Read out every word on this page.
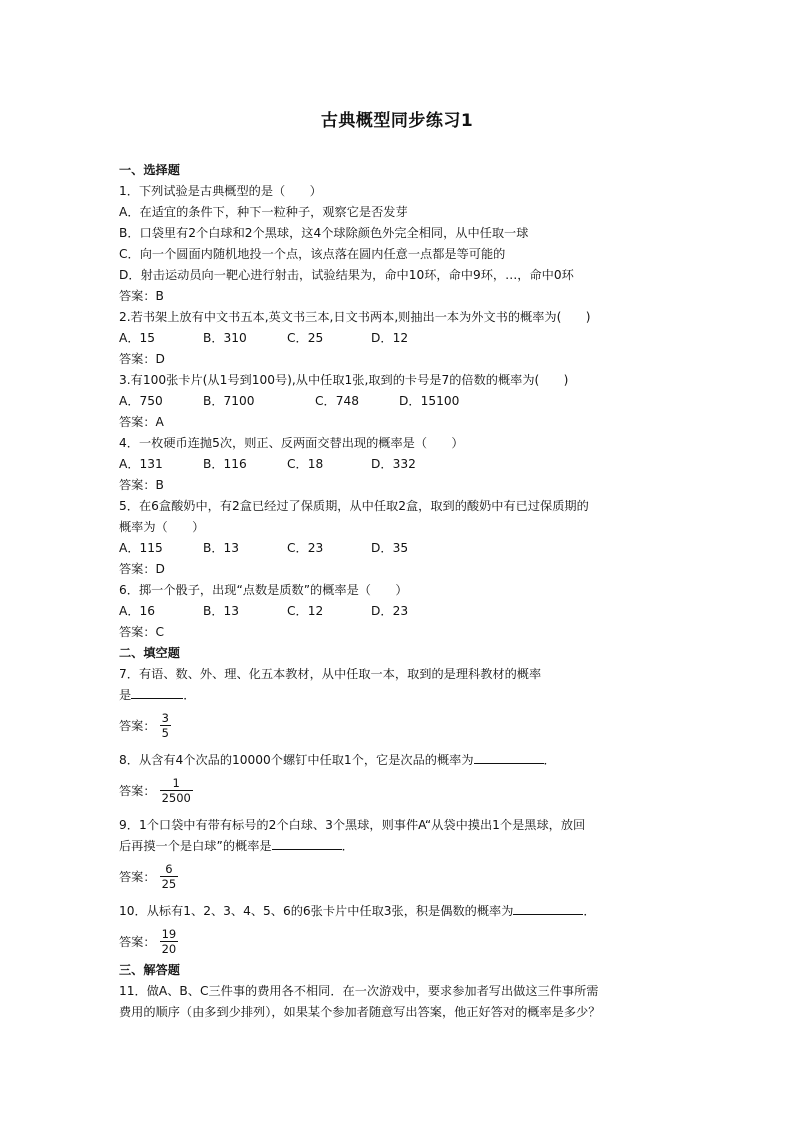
古典概型同步练习1
一、选择题
1．下列试验是古典概型的是（　　）
A．在适宜的条件下，种下一粒种子，观察它是否发芽
B．口袋里有2个白球和2个黑球，这4个球除颜色外完全相同，从中任取一球
C．向一个圆面内随机地投一个点，该点落在圆内任意一点都是等可能的
D．射击运动员向一靶心进行射击，试验结果为，命中10环，命中9环，…，命中0环
答案：B
2.若书架上放有中文书五本,英文书三本,日文书两本,则抽出一本为外文书的概率为(　　)
A．15	B．310	C．25	D．12
答案：D
3.有100张卡片(从1号到100号),从中任取1张,取到的卡号是7的倍数的概率为(　　)
A．750	B．7100	C．748	D．15100
答案：A
4．一枚硬币连抛5次，则正、反两面交替出现的概率是（　　）
A．131	B．116	C．18	D．332
答案：B
5．在6盒酸奶中，有2盒已经过了保质期，从中任取2盒，取到的酸奶中有已过保质期的
概率为（　　）
A．115	B．13	C．23	D．35
答案：D
6．掷一个骰子，出现“点数是质数”的概率是（　　）
A．16	B．13	C．12	D．23
答案：C
二、填空题
7．有语、数、外、理、化五本教材，从中任取一本，取到的是理科教材的概率
是	．
答案： $\frac{3}{5}$
8．从含有4个次品的10000个螺钉中任取1个，它是次品的概率为	．
答案： $\frac{1}{2500}$
9．1个口袋中有带有标号的2个白球、3个黑球，则事件A“从袋中摸出1个是黑球，放回
后再摸一个是白球”的概率是	．
答案： $\frac{6}{25}$
10．从标有1、2、3、4、5、6的6张卡片中任取3张，积是偶数的概率为	．
答案： $\frac{19}{20}$
三、解答题
11．做A、B、C三件事的费用各不相同．在一次游戏中，要求参加者写出做这三件事所需
费用的顺序（由多到少排列），如果某个参加者随意写出答案，他正好答对的概率是多少？
